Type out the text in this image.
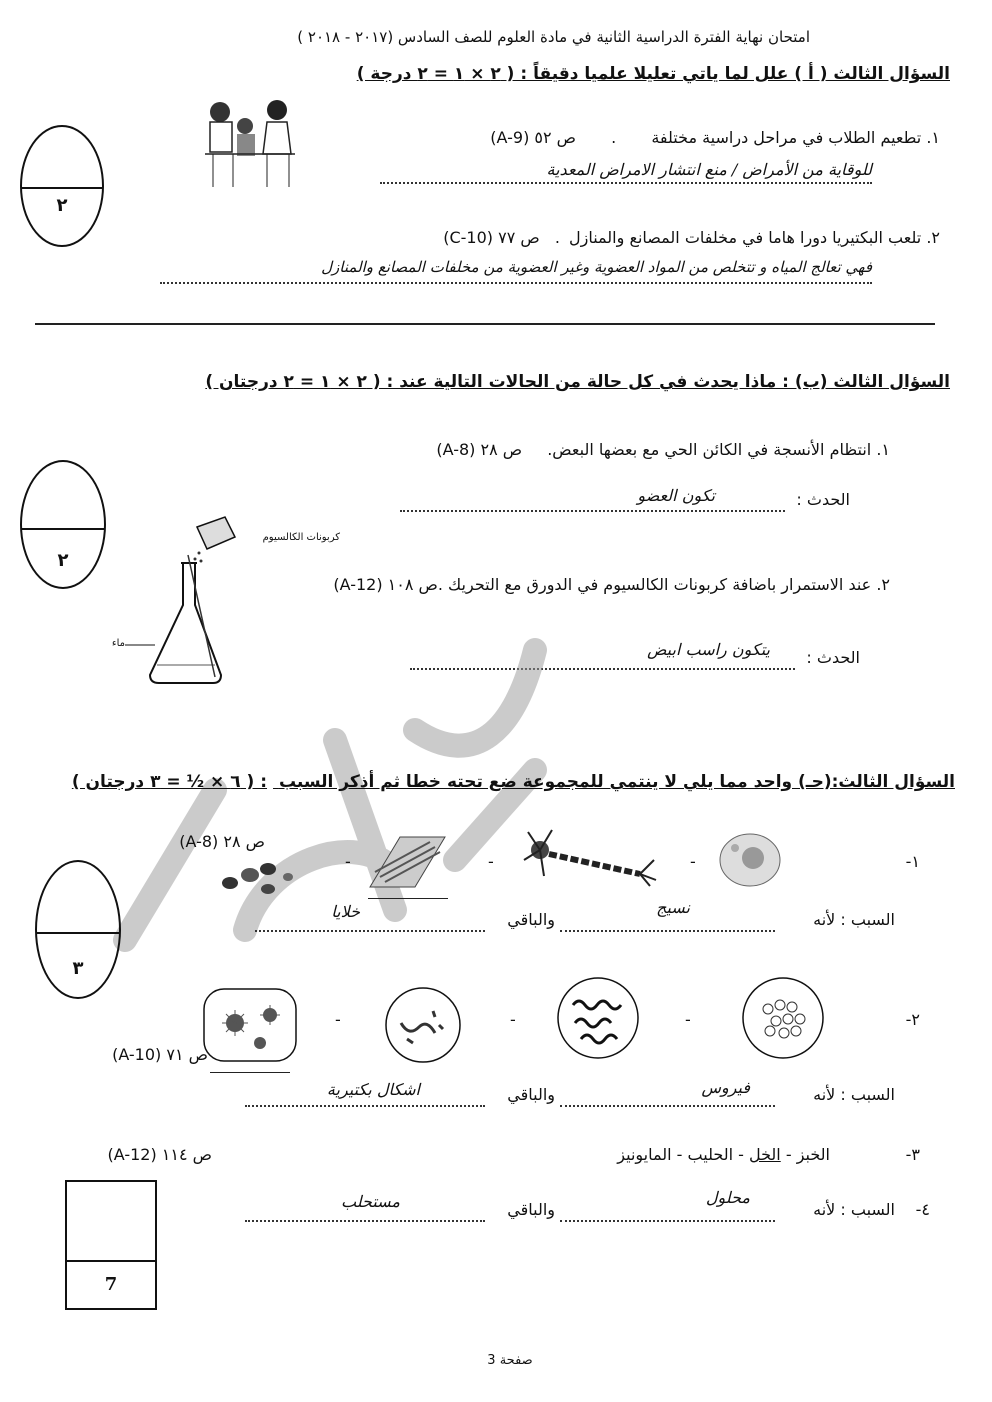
امتحان نهاية الفترة الدراسية الثانية في مادة العلوم للصف السادس (٢٠١٧ - ٢٠١٨ )
السؤال الثالث ( أ ) علل لما ياتي تعليلا علميا دقيقاً : ( ٢ × ١ = ٢ درجة )
٢
١. تطعيم الطلاب في مراحل دراسية مختلفة . ص ٥٢ (A-9)
للوقاية من الأمراض / منع انتشار الامراض المعدية
٢. تلعب البكتيريا دورا هاما في مخلفات المصانع والمنازل . ص ٧٧ (C-10)
فهي تعالج المياه و تتخلص من المواد العضوية وغير العضوية من مخلفات المصانع والمنازل
السؤال الثالث (ب) : ماذا يحدث في كل حالة من الحالات التالية عند : ( ٢ × ١ = ٢ درجتان )
٢
١. انتظام الأنسجة في الكائن الحي مع بعضها البعض. ص ٢٨ (A-8)
الحدث :
تكون العضو
كربونات الكالسيوم
ماء
٢. عند الاستمرار باضافة كربونات الكالسيوم في الدورق مع التحريك .ص ١٠٨ (A-12)
الحدث :
يتكون راسب ابيض
السؤال الثالث:(حـ) واحد مما يلي لا ينتمي للمجموعة ضع تحته خطا ثم أذكر السبب : ( ٦ × ½ = ٣ درجتان )
٣
١-
ص ٢٨ (A-8)
-
-
-
السبب : لأنه
نسيج
والباقي
خلايا
٢-
-
-
-
ص ٧١ (A-10)
السبب : لأنه
فيروس
والباقي
اشكال بكتيرية
٣-
الخبز - الخل - الحليب - المايونيز
ص ١١٤ (A-12)
7
٤-
السبب : لأنه
محلول
والباقي
مستحلب
صفحة 3
